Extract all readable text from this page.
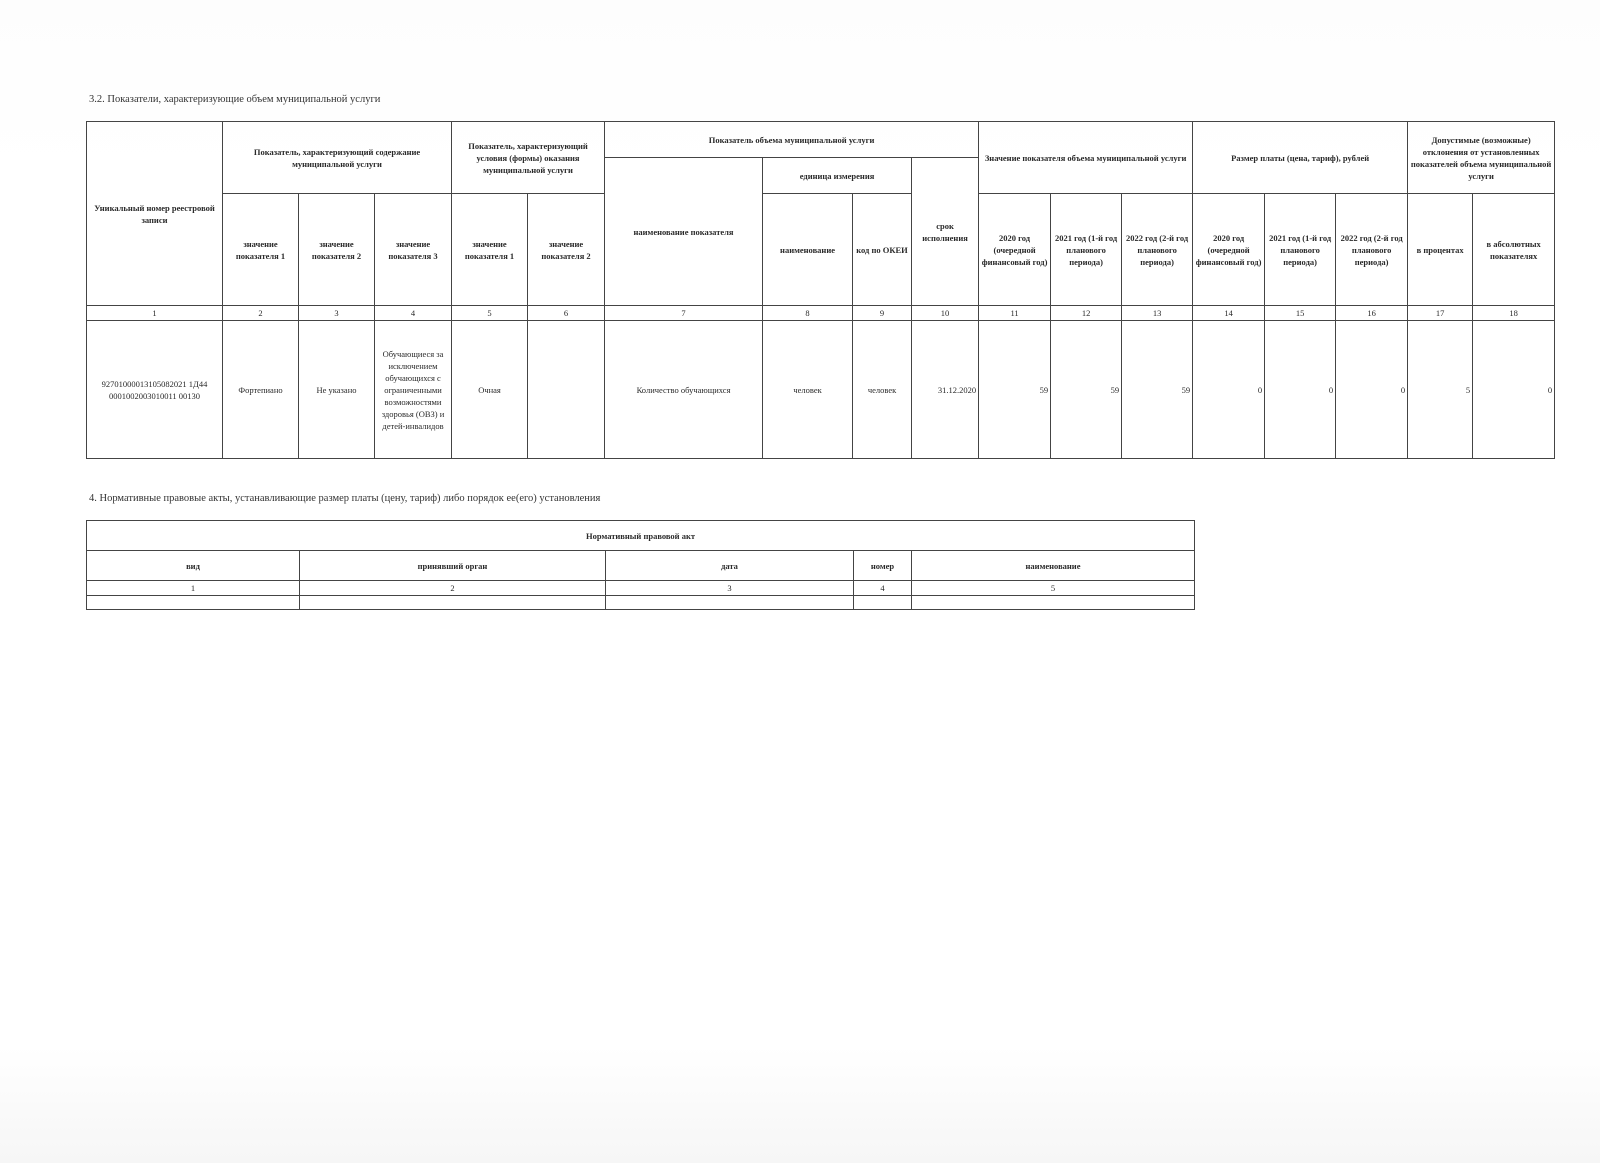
3.2. Показатели, характеризующие объем муниципальной услуги
Уникальный номер реестровой записи	Показатель, характеризующий содержание муниципальной услуги			Показатель, характеризующий условия (формы) оказания муниципальной услуги		Показатель объема муниципальной услуги				Значение показателя объема муниципальной услуги			Размер платы (цена, тариф), рублей			Допустимые (возможные) отклонения от установленных показателей объема муниципальной услуги	
						наименование показателя	единица измерения		срок исполнения								
	значение показателя 1	значение показателя 2	значение показателя 3	значение показателя 1	значение показателя 2		наименование	код по ОКЕИ		2020 год (очередной финансовый год)	2021 год (1-й год планового периода)	2022 год (2-й год планового периода)	2020 год (очередной финансовый год)	2021 год (1-й год планового периода)	2022 год (2-й год планового периода)	в процентах	в абсолютных показателях
1	2	3	4	5	6	7	8	9	10	11	12	13	14	15	16	17	18
92701000013105082021 1Д44 0001002003010011 00130	Фортепиано	Не указано	Обучающиеся за исключением обучающихся с ограниченными возможностями здоровья (ОВЗ) и детей-инвалидов	Очная		Количество обучающихся	человек	человек	31.12.2020	59	59	59	0	0	0	5	0
4. Нормативные правовые акты, устанавливающие размер платы (цену, тариф) либо порядок ее(его) установления
Нормативный правовой акт				
вид	принявший орган	дата	номер	наименование
1	2	3	4	5
